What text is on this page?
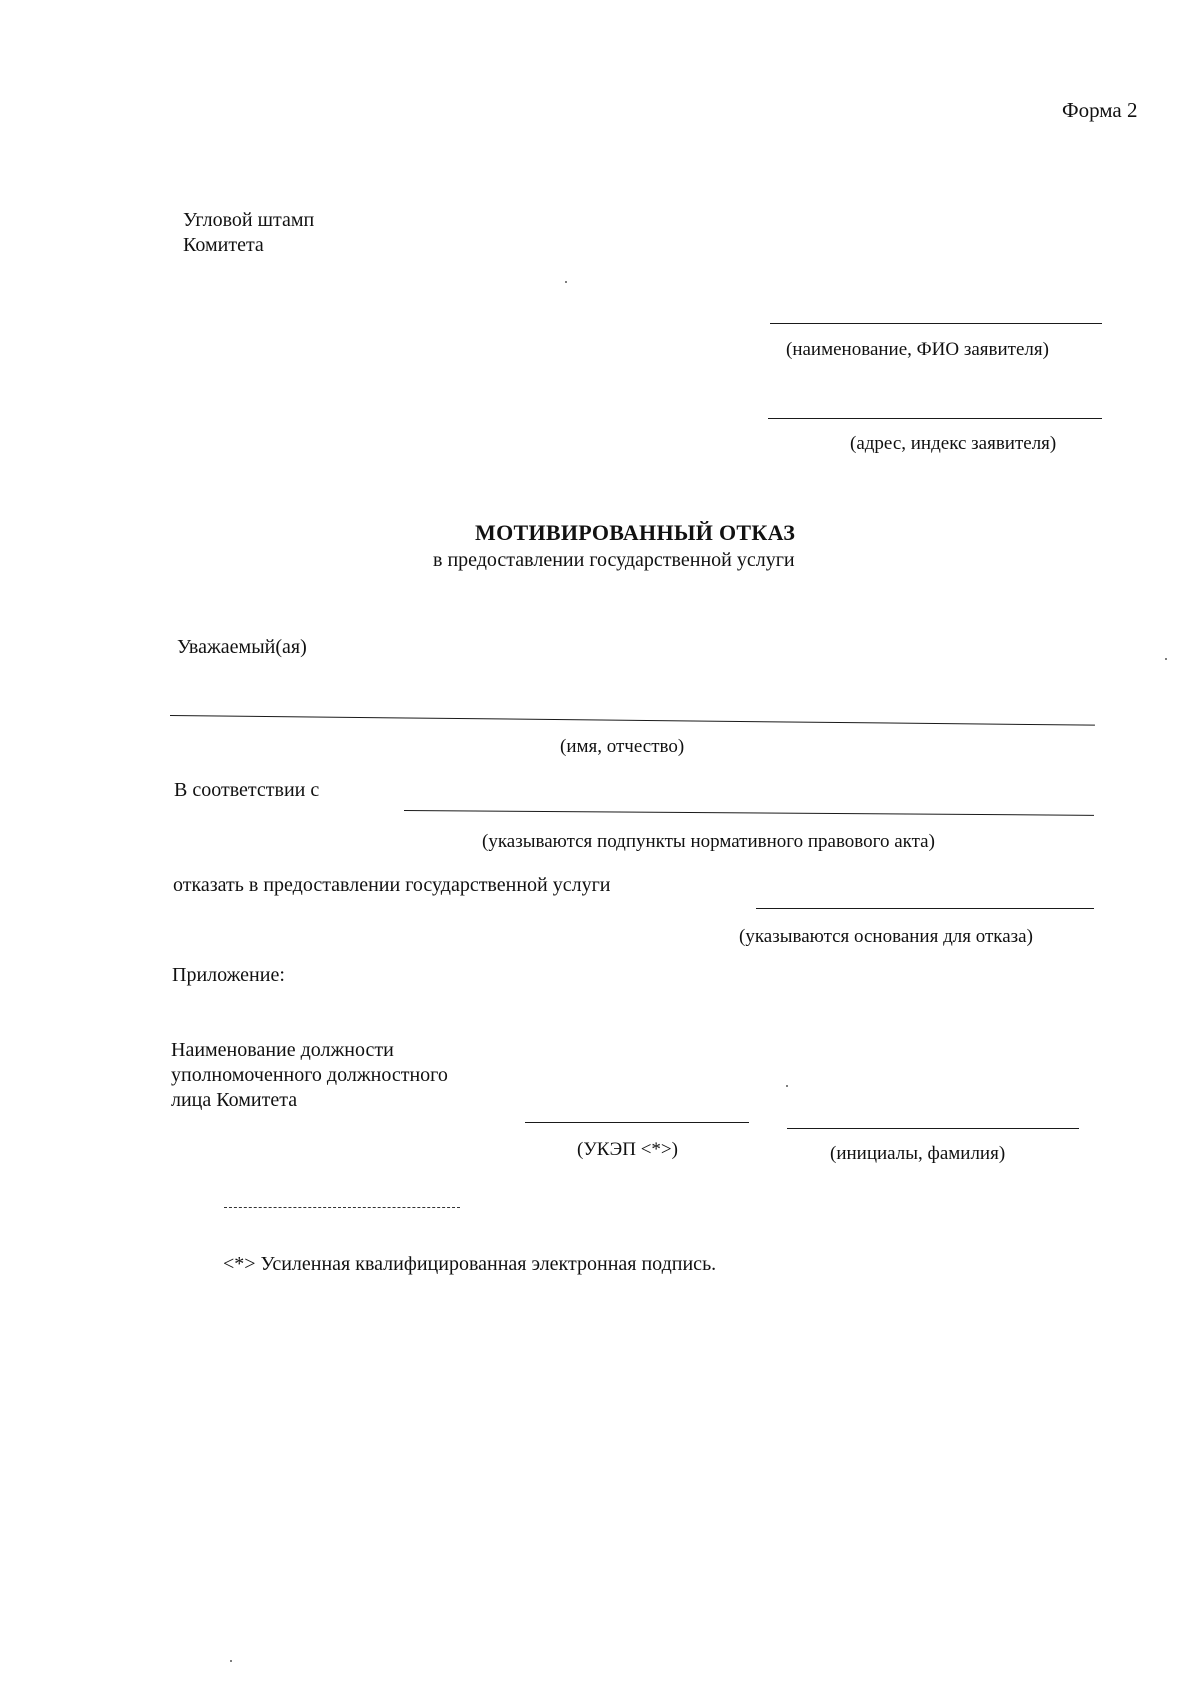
Форма 2
Угловой штамп
Комитета
(наименование, ФИО заявителя)
(адрес, индекс заявителя)
МОТИВИРОВАННЫЙ ОТКАЗ
в предоставлении государственной услуги
Уважаемый(ая)
(имя, отчество)
В соответствии с
(указываются подпункты нормативного правового акта)
отказать в предоставлении государственной услуги
(указываются основания для отказа)
Приложение:
Наименование должности
уполномоченного должностного
лица Комитета
(УКЭП <*>)	(инициалы, фамилия)
<*> Усиленная квалифицированная электронная подпись.
